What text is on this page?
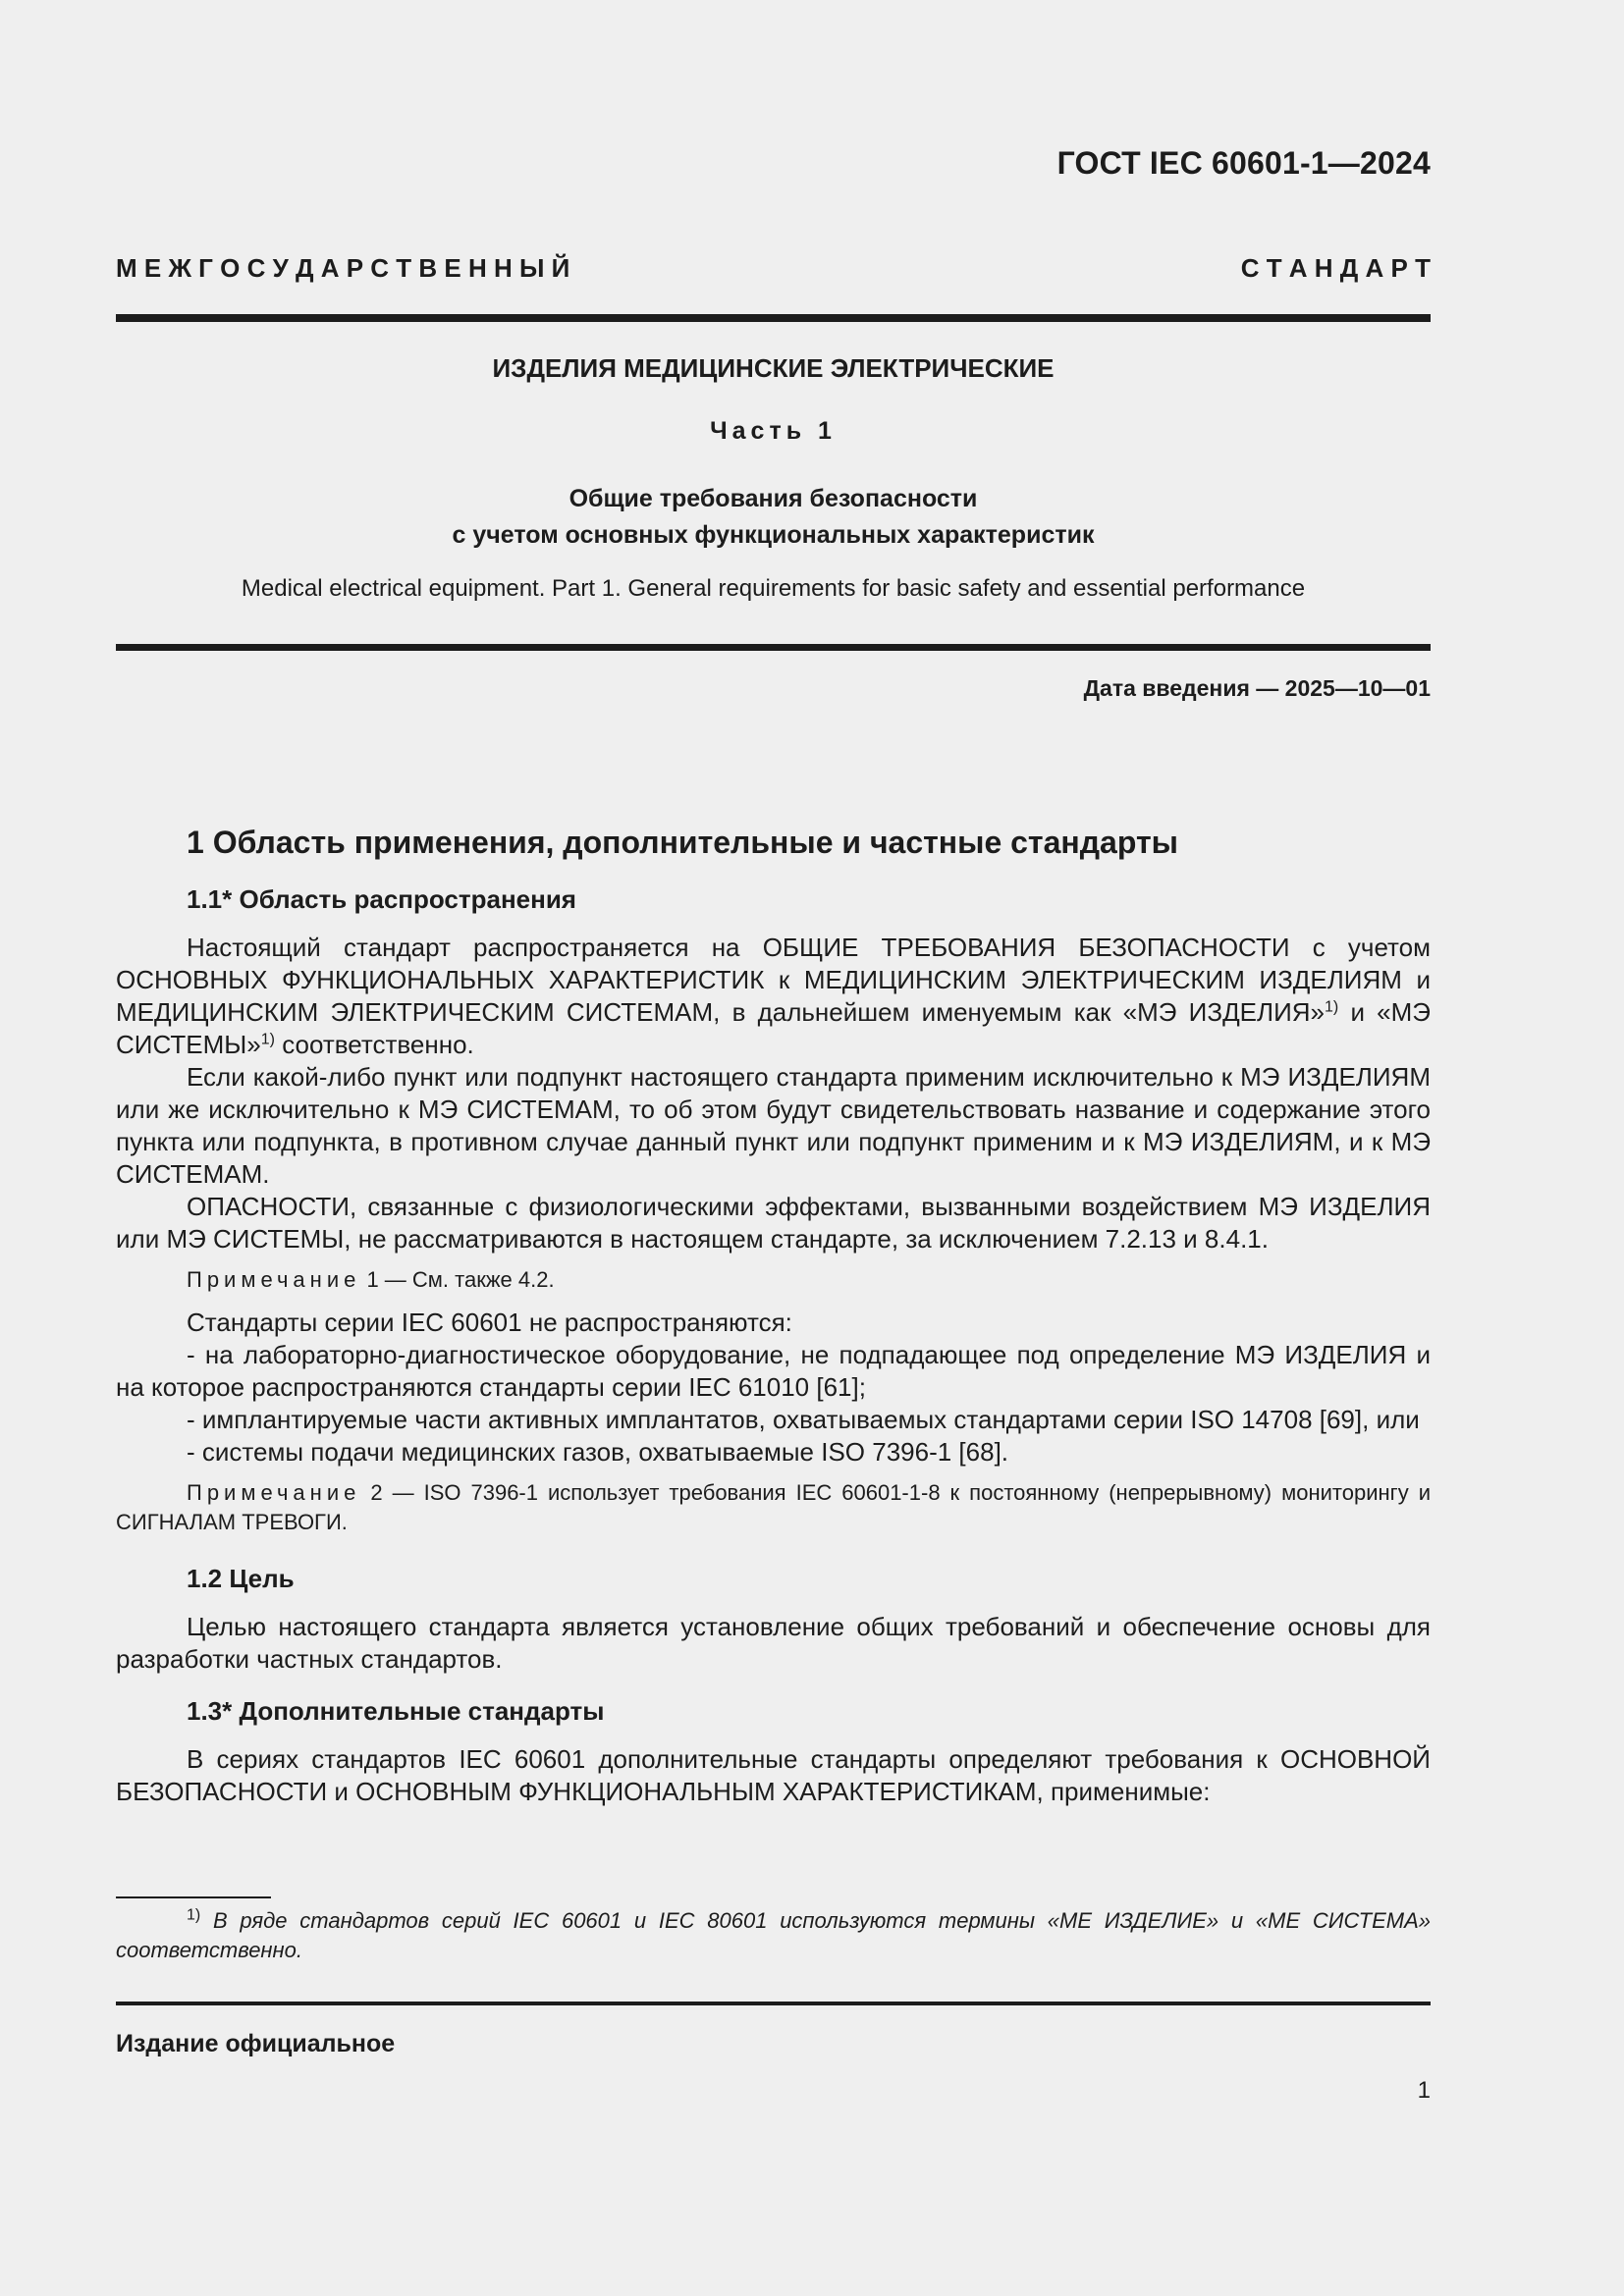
ГОСТ IEC 60601-1—2024
М Е Ж Г О С У Д А Р С Т В Е Н Н Ы Й	С Т А Н Д А Р Т
ИЗДЕЛИЯ МЕДИЦИНСКИЕ ЭЛЕКТРИЧЕСКИЕ
Часть 1
Общие требования безопасности
с учетом основных функциональных характеристик
Medical electrical equipment. Part 1. General requirements for basic safety and essential performance
Дата введения — 2025—10—01
1 Область применения, дополнительные и частные стандарты
1.1* Область распространения

Настоящий стандарт распространяется на ОБЩИЕ ТРЕБОВАНИЯ БЕЗОПАСНОСТИ с учетом ОСНОВНЫХ ФУНКЦИОНАЛЬНЫХ ХАРАКТЕРИСТИК к МЕДИЦИНСКИМ ЭЛЕКТРИЧЕСКИМ ИЗДЕЛИЯМ и МЕДИЦИНСКИМ ЭЛЕКТРИЧЕСКИМ СИСТЕМАМ, в дальнейшем именуемым как «МЭ ИЗДЕЛИЯ»$^{1)}$ и «МЭ СИСТЕМЫ»$^{1)}$ соответственно.

Если какой-либо пункт или подпункт настоящего стандарта применим исключительно к МЭ ИЗДЕЛИЯМ или же исключительно к МЭ СИСТЕМАМ, то об этом будут свидетельствовать название и содержание этого пункта или подпункта, в противном случае данный пункт или подпункт применим и к МЭ ИЗДЕЛИЯМ, и к МЭ СИСТЕМАМ.

ОПАСНОСТИ, связанные с физиологическими эффектами, вызванными воздействием МЭ ИЗДЕЛИЯ или МЭ СИСТЕМЫ, не рассматриваются в настоящем стандарте, за исключением 7.2.13 и 8.4.1.

Примечание 1 — См. также 4.2.

Стандарты серии IEC 60601 не распространяются:

- на лабораторно-диагностическое оборудование, не подпадающее под определение МЭ ИЗДЕЛИЯ и на которое распространяются стандарты серии IEC 61010 [61];

- имплантируемые части активных имплантатов, охватываемых стандартами серии ISO 14708 [69], или

- системы подачи медицинских газов, охватываемые ISO 7396-1 [68].

Примечание 2 — ISO 7396-1 использует требования IEC 60601-1-8 к постоянному (непрерывному) мониторингу и СИГНАЛАМ ТРЕВОГИ.

1.2 Цель

Целью настоящего стандарта является установление общих требований и обеспечение основы для разработки частных стандартов.

1.3* Дополнительные стандарты

В сериях стандартов IEC 60601 дополнительные стандарты определяют требования к ОСНОВНОЙ БЕЗОПАСНОСТИ и ОСНОВНЫМ ФУНКЦИОНАЛЬНЫМ ХАРАКТЕРИСТИКАМ, применимые:

$^{1)}$ В ряде стандартов серий IEC 60601 и IEC 80601 используются термины «МЕ ИЗДЕЛИЕ» и «МЕ СИСТЕМА» соответственно.
Издание официальное
1
